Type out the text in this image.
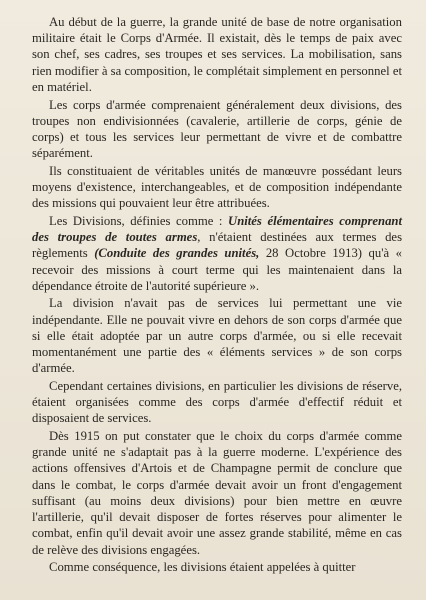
Au début de la guerre, la grande unité de base de notre organisation militaire était le Corps d'Armée. Il existait, dès le temps de paix avec son chef, ses cadres, ses troupes et ses services. La mobilisation, sans rien modifier à sa composition, le complétait simplement en personnel et en matériel.

Les corps d'armée comprenaient généralement deux divisions, des troupes non endivisionnées (cavalerie, artillerie de corps, génie de corps) et tous les services leur permettant de vivre et de combattre séparément.

Ils constituaient de véritables unités de manœuvre possédant leurs moyens d'existence, interchangeables, et de composition indépendante des missions qui pouvaient leur être attribuées.

Les Divisions, définies comme : Unités élémentaires comprenant des troupes de toutes armes, n'étaient destinées aux termes des règlements (Conduite des grandes unités, 28 Octobre 1913) qu'à « recevoir des missions à court terme qui les maintenaient dans la dépendance étroite de l'autorité supérieure ».

La division n'avait pas de services lui permettant une vie indépendante. Elle ne pouvait vivre en dehors de son corps d'armée que si elle était adoptée par un autre corps d'armée, ou si elle recevait momentanément une partie des « éléments services » de son corps d'armée.

Cependant certaines divisions, en particulier les divisions de réserve, étaient organisées comme des corps d'armée d'effectif réduit et disposaient de services.

Dès 1915 on put constater que le choix du corps d'armée comme grande unité ne s'adaptait pas à la guerre moderne. L'expérience des actions offensives d'Artois et de Champagne permit de conclure que dans le combat, le corps d'armée devait avoir un front d'engagement suffisant (au moins deux divisions) pour bien mettre en œuvre l'artillerie, qu'il devait disposer de fortes réserves pour alimenter le combat, enfin qu'il devait avoir une assez grande stabilité, même en cas de relève des divisions engagées.

Comme conséquence, les divisions étaient appelées à quitter
